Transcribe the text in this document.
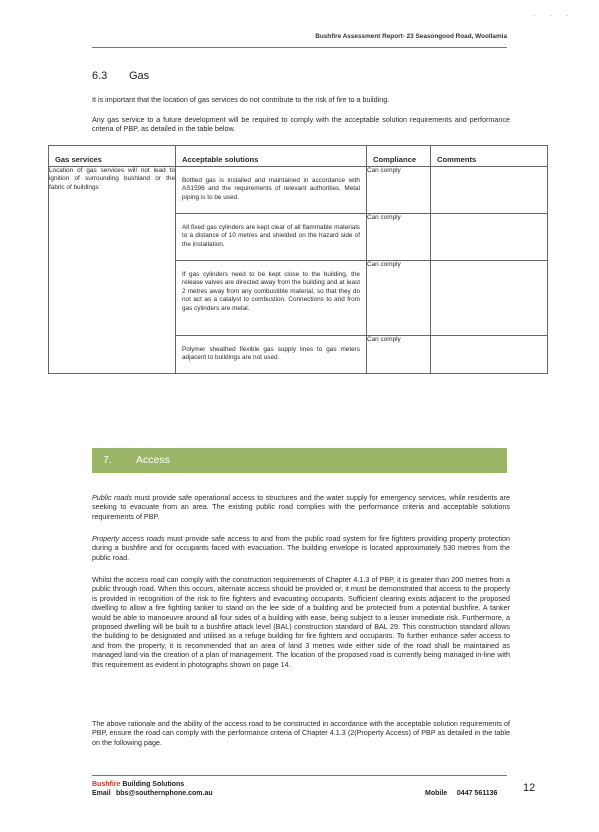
· · ·
Bushfire Assessment Report- 23 Seasongood Road, Woollamia
6.3 Gas
It is important that the location of gas services do not contribute to the risk of fire to a building.
Any gas service to a future development will be required to comply with the acceptable solution requirements and performance criteria of PBP, as detailed in the table below.
Gas services	Acceptable solutions	Compliance	Comments
Location of gas services will not lead to ignition of surrounding bushland or the fabric of buildings	Bottled gas is installed and maintained in accordance with AS1596 and the requirements of relevant authorities. Metal piping is to be used.	Can comply	

	All fixed gas cylinders are kept clear of all flammable materials to a distance of 10 metres and shielded on the hazard side of the installation.	Can comply	

	If gas cylinders need to be kept close to the building, the release valves are directed away from the building and at least 2 metres away from any combustible material, so that they do not act as a catalyst to combustion. Connections to and from gas cylinders are metal.	Can comply	

	Polymer sheathed flexible gas supply lines to gas meters adjacent to buildings are not used.	Can comply	
7. Access
Public roads must provide safe operational access to structures and the water supply for emergency services, while residents are seeking to evacuate from an area. The existing public road complies with the performance criteria and acceptable solutions requirements of PBP.
Property access roads must provide safe access to and from the public road system for fire fighters providing property protection during a bushfire and for occupants faced with evacuation. The building envelope is located approximately 530 metres from the public road.
Whilst the access road can comply with the construction requirements of Chapter 4.1.3 of PBP, it is greater than 200 metres from a public through road. When this occurs, alternate access should be provided or, it must be demonstrated that access to the property is provided in recognition of the risk to fire fighters and evacuating occupants. Sufficient clearing exists adjacent to the proposed dwelling to allow a fire fighting tanker to stand on the lee side of a building and be protected from a potential bushfire. A tanker would be able to manoeuvre around all four sides of a building with ease, being subject to a lesser immediate risk. Furthermore, a proposed dwelling will be built to a bushfire attack level (BAL) construction standard of BAL 29. This construction standard allows the building to be designated and utilised as a refuge building for fire fighters and occupants. To further enhance safer access to and from the property, it is recommended that an area of land 3 metres wide either side of the road shall be maintained as managed land via the creation of a plan of management. The location of the proposed road is currently being managed in-line with this requirement as evident in photographs shown on page 14.
The above rationale and the ability of the access road to be constructed in accordance with the acceptable solution requirements of PBP, ensure the road can comply with the performance criteria of Chapter 4.1.3 (2(Property Access) of PBP as detailed in the table on the following page.
Bushfire Building Solutions
Email bbs@southernphone.com.au	Mobile 0447 561136 12
